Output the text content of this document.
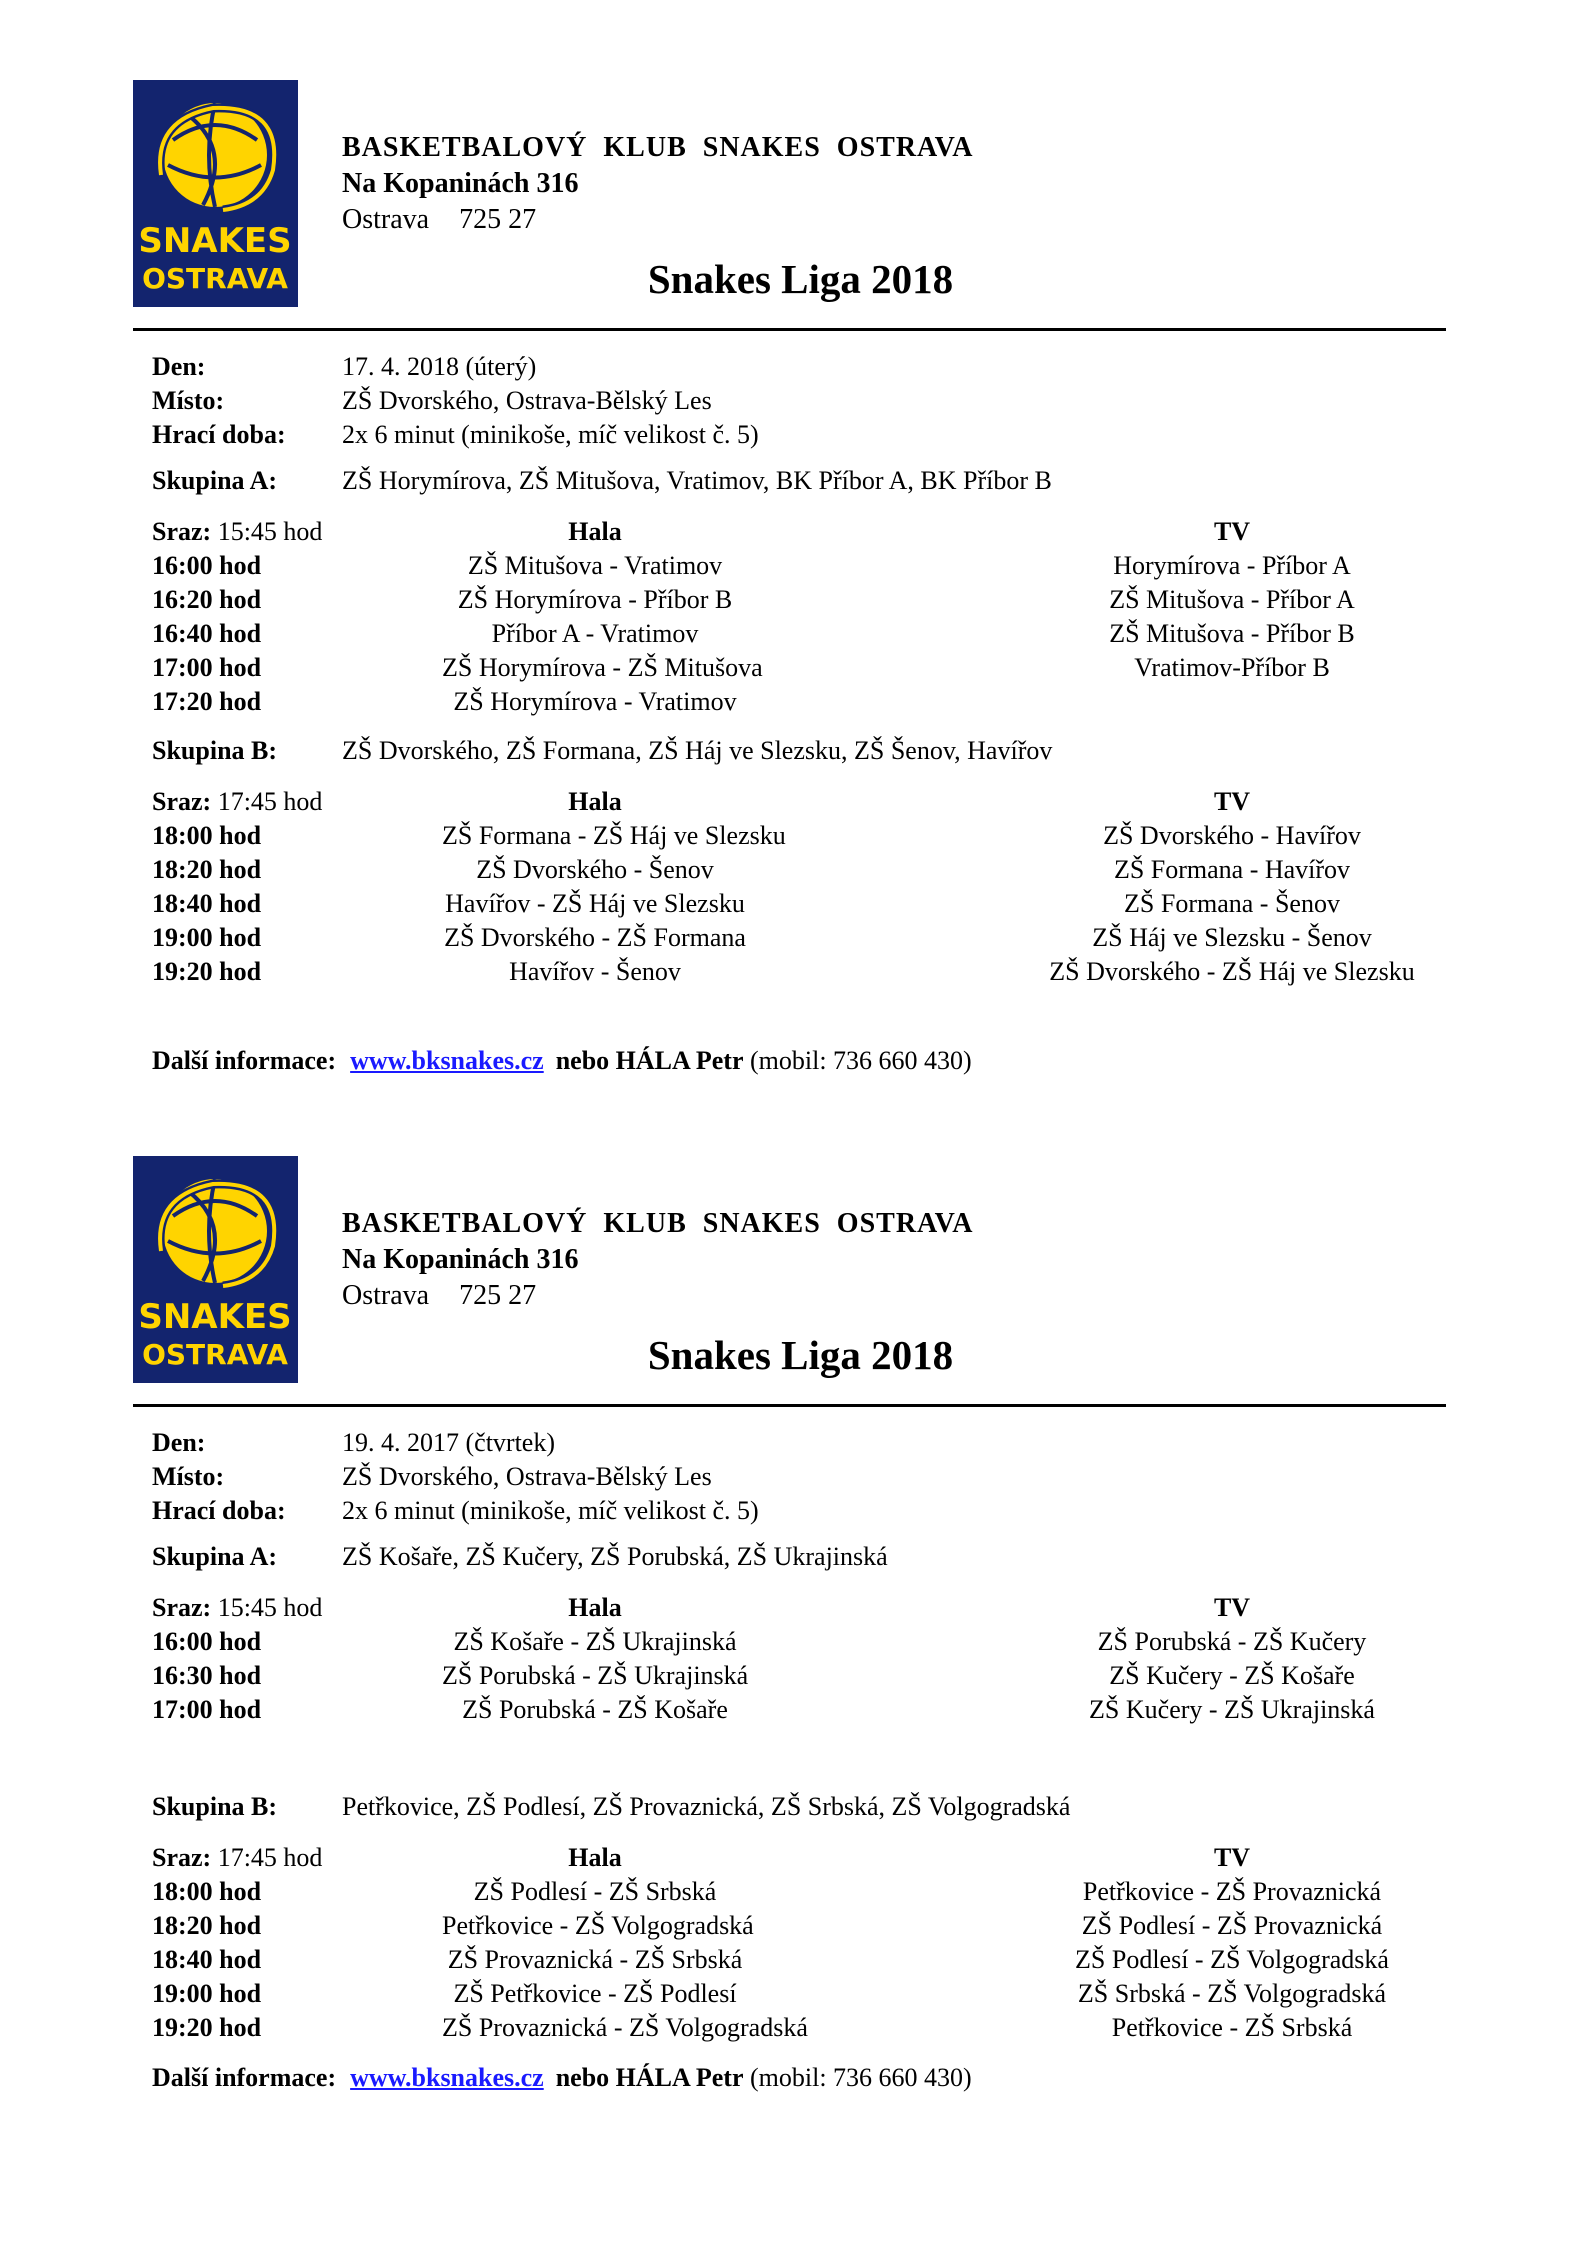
SNAKES
OSTRAVA
BASKETBALOVÝ KLUB SNAKES OSTRAVA
Na Kopaninách 316
Ostrava 725 27
Snakes Liga 2018
Den:	17. 4. 2018 (úterý)
Místo:	ZŠ Dvorského, Ostrava-Bělský Les
Hrací doba: 2x 6 minut (minikoše, míč velikost č. 5)
Skupina A: ZŠ Horymírova, ZŠ Mitušova, Vratimov, BK Příbor A, BK Příbor B
Sraz: 15:45 hod	Hala	TV
16:00 hod	ZŠ Mitušova - Vratimov	Horymírova - Příbor A
16:20 hod	ZŠ Horymírova - Příbor B	ZŠ Mitušova - Příbor A
16:40 hod	Příbor A - Vratimov	ZŠ Mitušova - Příbor B
17:00 hod	ZŠ Horymírova - ZŠ Mitušova	Vratimov-Příbor B
17:20 hod	ZŠ Horymírova - Vratimov
Skupina B: ZŠ Dvorského, ZŠ Formana, ZŠ Háj ve Slezsku, ZŠ Šenov, Havířov
Sraz: 17:45 hod	Hala	TV
18:00 hod	ZŠ Formana - ZŠ Háj ve Slezsku	ZŠ Dvorského - Havířov
18:20 hod	ZŠ Dvorského - Šenov	ZŠ Formana - Havířov
18:40 hod	Havířov - ZŠ Háj ve Slezsku	ZŠ Formana - Šenov
19:00 hod	ZŠ Dvorského - ZŠ Formana	ZŠ Háj ve Slezsku - Šenov
19:20 hod	Havířov - Šenov	ZŠ Dvorského - ZŠ Háj ve Slezsku
Další informace: www.bksnakes.cz nebo HÁLA Petr (mobil: 736 660 430)
SNAKES
OSTRAVA
BASKETBALOVÝ KLUB SNAKES OSTRAVA
Na Kopaninách 316
Ostrava 725 27
Snakes Liga 2018
Den:	19. 4. 2017 (čtvrtek)
Místo:	ZŠ Dvorského, Ostrava-Bělský Les
Hrací doba: 2x 6 minut (minikoše, míč velikost č. 5)
Skupina A: ZŠ Košaře, ZŠ Kučery, ZŠ Porubská, ZŠ Ukrajinská
Sraz: 15:45 hod	Hala	TV
16:00 hod	ZŠ Košaře - ZŠ Ukrajinská	ZŠ Porubská - ZŠ Kučery
16:30 hod	ZŠ Porubská - ZŠ Ukrajinská	ZŠ Kučery - ZŠ Košaře
17:00 hod	ZŠ Porubská - ZŠ Košaře	ZŠ Kučery - ZŠ Ukrajinská
Skupina B: Petřkovice, ZŠ Podlesí, ZŠ Provaznická, ZŠ Srbská, ZŠ Volgogradská
Sraz: 17:45 hod	Hala	TV
18:00 hod	ZŠ Podlesí - ZŠ Srbská	Petřkovice - ZŠ Provaznická
18:20 hod	Petřkovice - ZŠ Volgogradská	ZŠ Podlesí - ZŠ Provaznická
18:40 hod	ZŠ Provaznická - ZŠ Srbská	ZŠ Podlesí - ZŠ Volgogradská
19:00 hod	ZŠ Petřkovice - ZŠ Podlesí	ZŠ Srbská - ZŠ Volgogradská
19:20 hod	ZŠ Provaznická - ZŠ Volgogradská	Petřkovice - ZŠ Srbská
Další informace: www.bksnakes.cz nebo HÁLA Petr (mobil: 736 660 430)
